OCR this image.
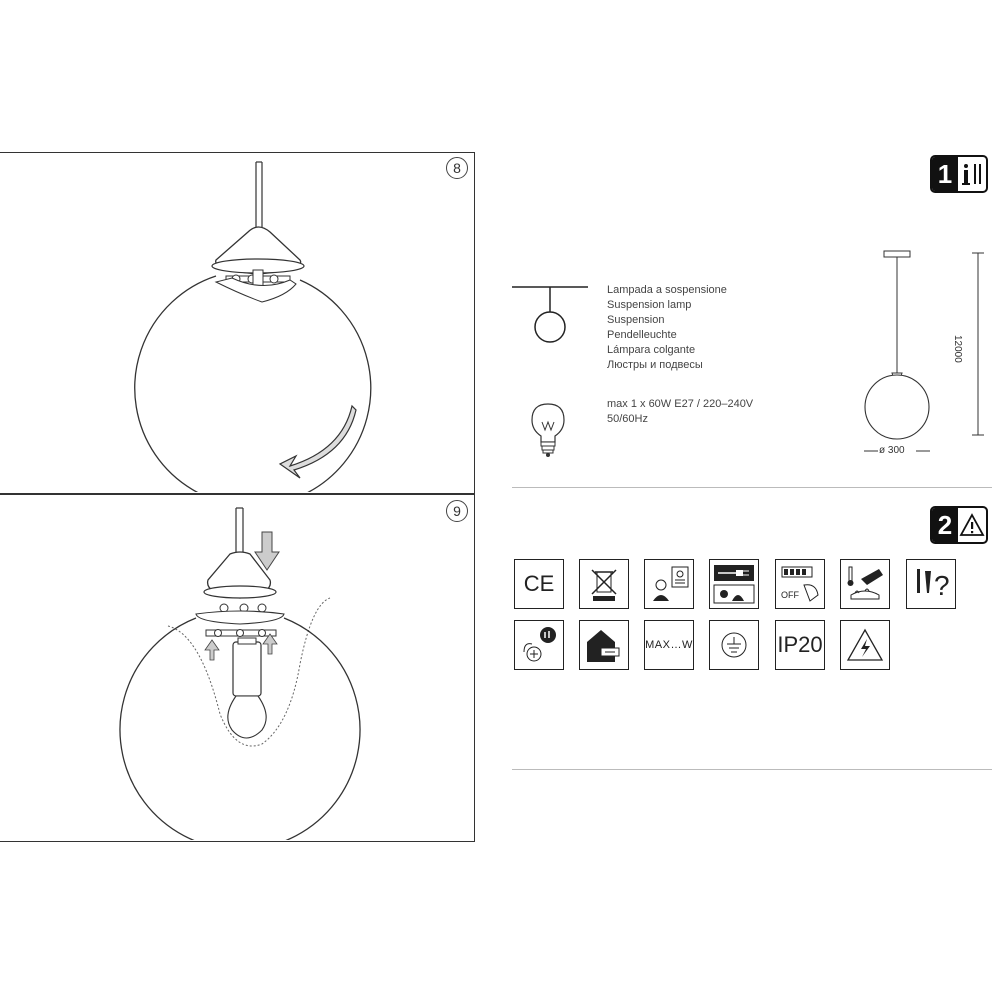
8
9
1
Lampada a sospensione
Suspension lamp
Suspension
Pendelleuchte
Lámpara colgante
Люстры и подвесы
max 1 x 60W E27 / 220–240V
50/60Hz
12000
ø 300
2
CE	OFF	?
MAX…W	IP20
